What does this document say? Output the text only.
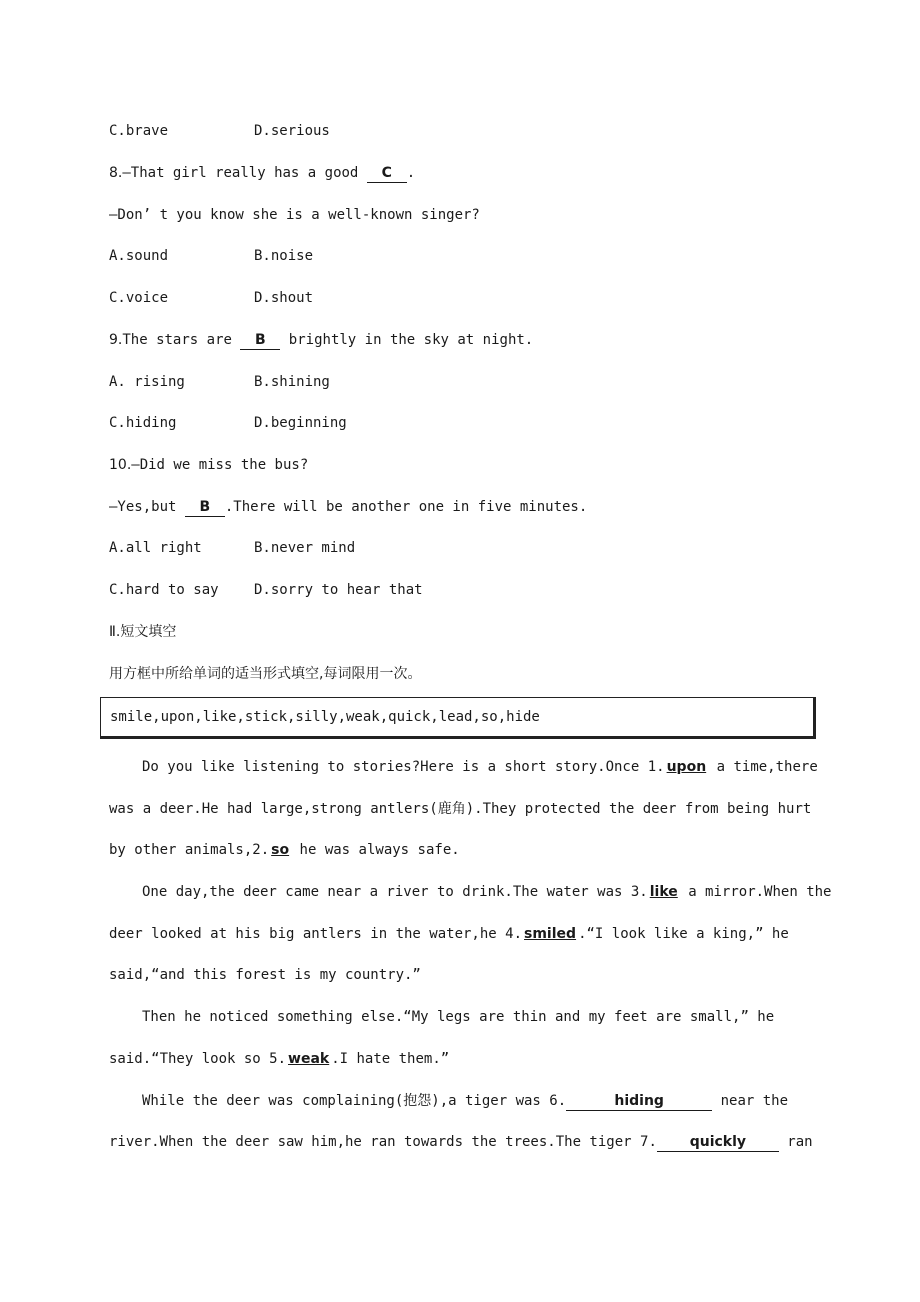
C.brave	D.serious
8.—That girl really has a good C .
—Don’ t you know she is a well-known singer?
A.sound	B.noise
C.voice	D.shout
9.The stars are B brightly in the sky at night.
A. rising	B.shining
C.hiding	D.beginning
10.—Did we miss the bus?
—Yes,but B .There will be another one in five minutes.
A.all right	B.never mind
C.hard to say	D.sorry to hear that
Ⅱ.短文填空
用方框中所给单词的适当形式填空,每词限用一次。
smile,upon,like,stick,silly,weak,quick,lead,so,hide
Do you like listening to stories?Here is a short story.Once 1. upon a time,there
was a deer.He had large,strong antlers(鹿角).They protected the deer from being hurt
by other animals,2. so he was always safe.
One day,the deer came near a river to drink.The water was 3. like a mirror.When the
deer looked at his big antlers in the water,he 4. smiled .“I look like a king,” he
said,“and this forest is my country.”
Then he noticed something else.“My legs are thin and my feet are small,” he
said.“They look so 5. weak .I hate them.”
While the deer was complaining(抱怨),a tiger was 6.	hiding	near the
river.When the deer saw him,he ran towards the trees.The tiger 7. quickly ran
